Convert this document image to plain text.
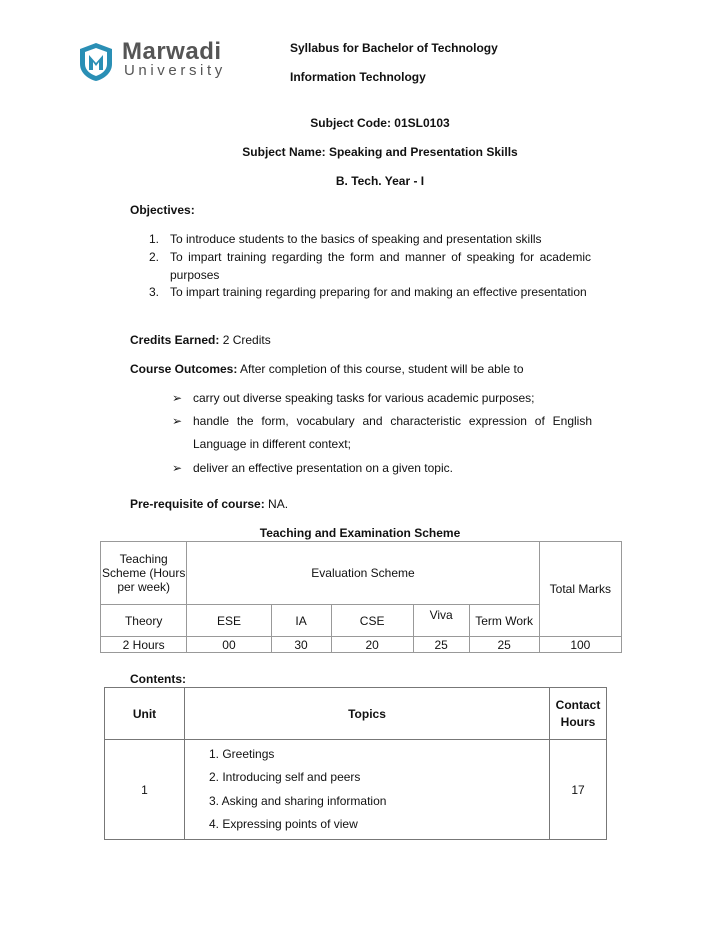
Marwadi
University
Syllabus for Bachelor of Technology
Information Technology
Subject Code: 01SL0103
Subject Name: Speaking and Presentation Skills
B. Tech. Year - I
Objectives:
1. To introduce students to the basics of speaking and presentation skills
2. To impart training regarding the form and manner of speaking for academic purposes
3. To impart training regarding preparing for and making an effective presentation
Credits Earned: 2 Credits
Course Outcomes: After completion of this course, student will be able to
➢ carry out diverse speaking tasks for various academic purposes;
➢ handle the form, vocabulary and characteristic expression of English Language in different context;
➢ deliver an effective presentation on a given topic.
Pre-requisite of course: NA.
Teaching and Examination Scheme
Teaching Scheme (Hours per week)	Evaluation Scheme					Total Marks
Theory	ESE	IA	CSE	Viva	Term Work	
2 Hours	00	30	20	25	25	100
Contents:
Unit	Topics	Contact Hours
1	1. Greetings
2. Introducing self and peers
3. Asking and sharing information
4. Expressing points of view	17
